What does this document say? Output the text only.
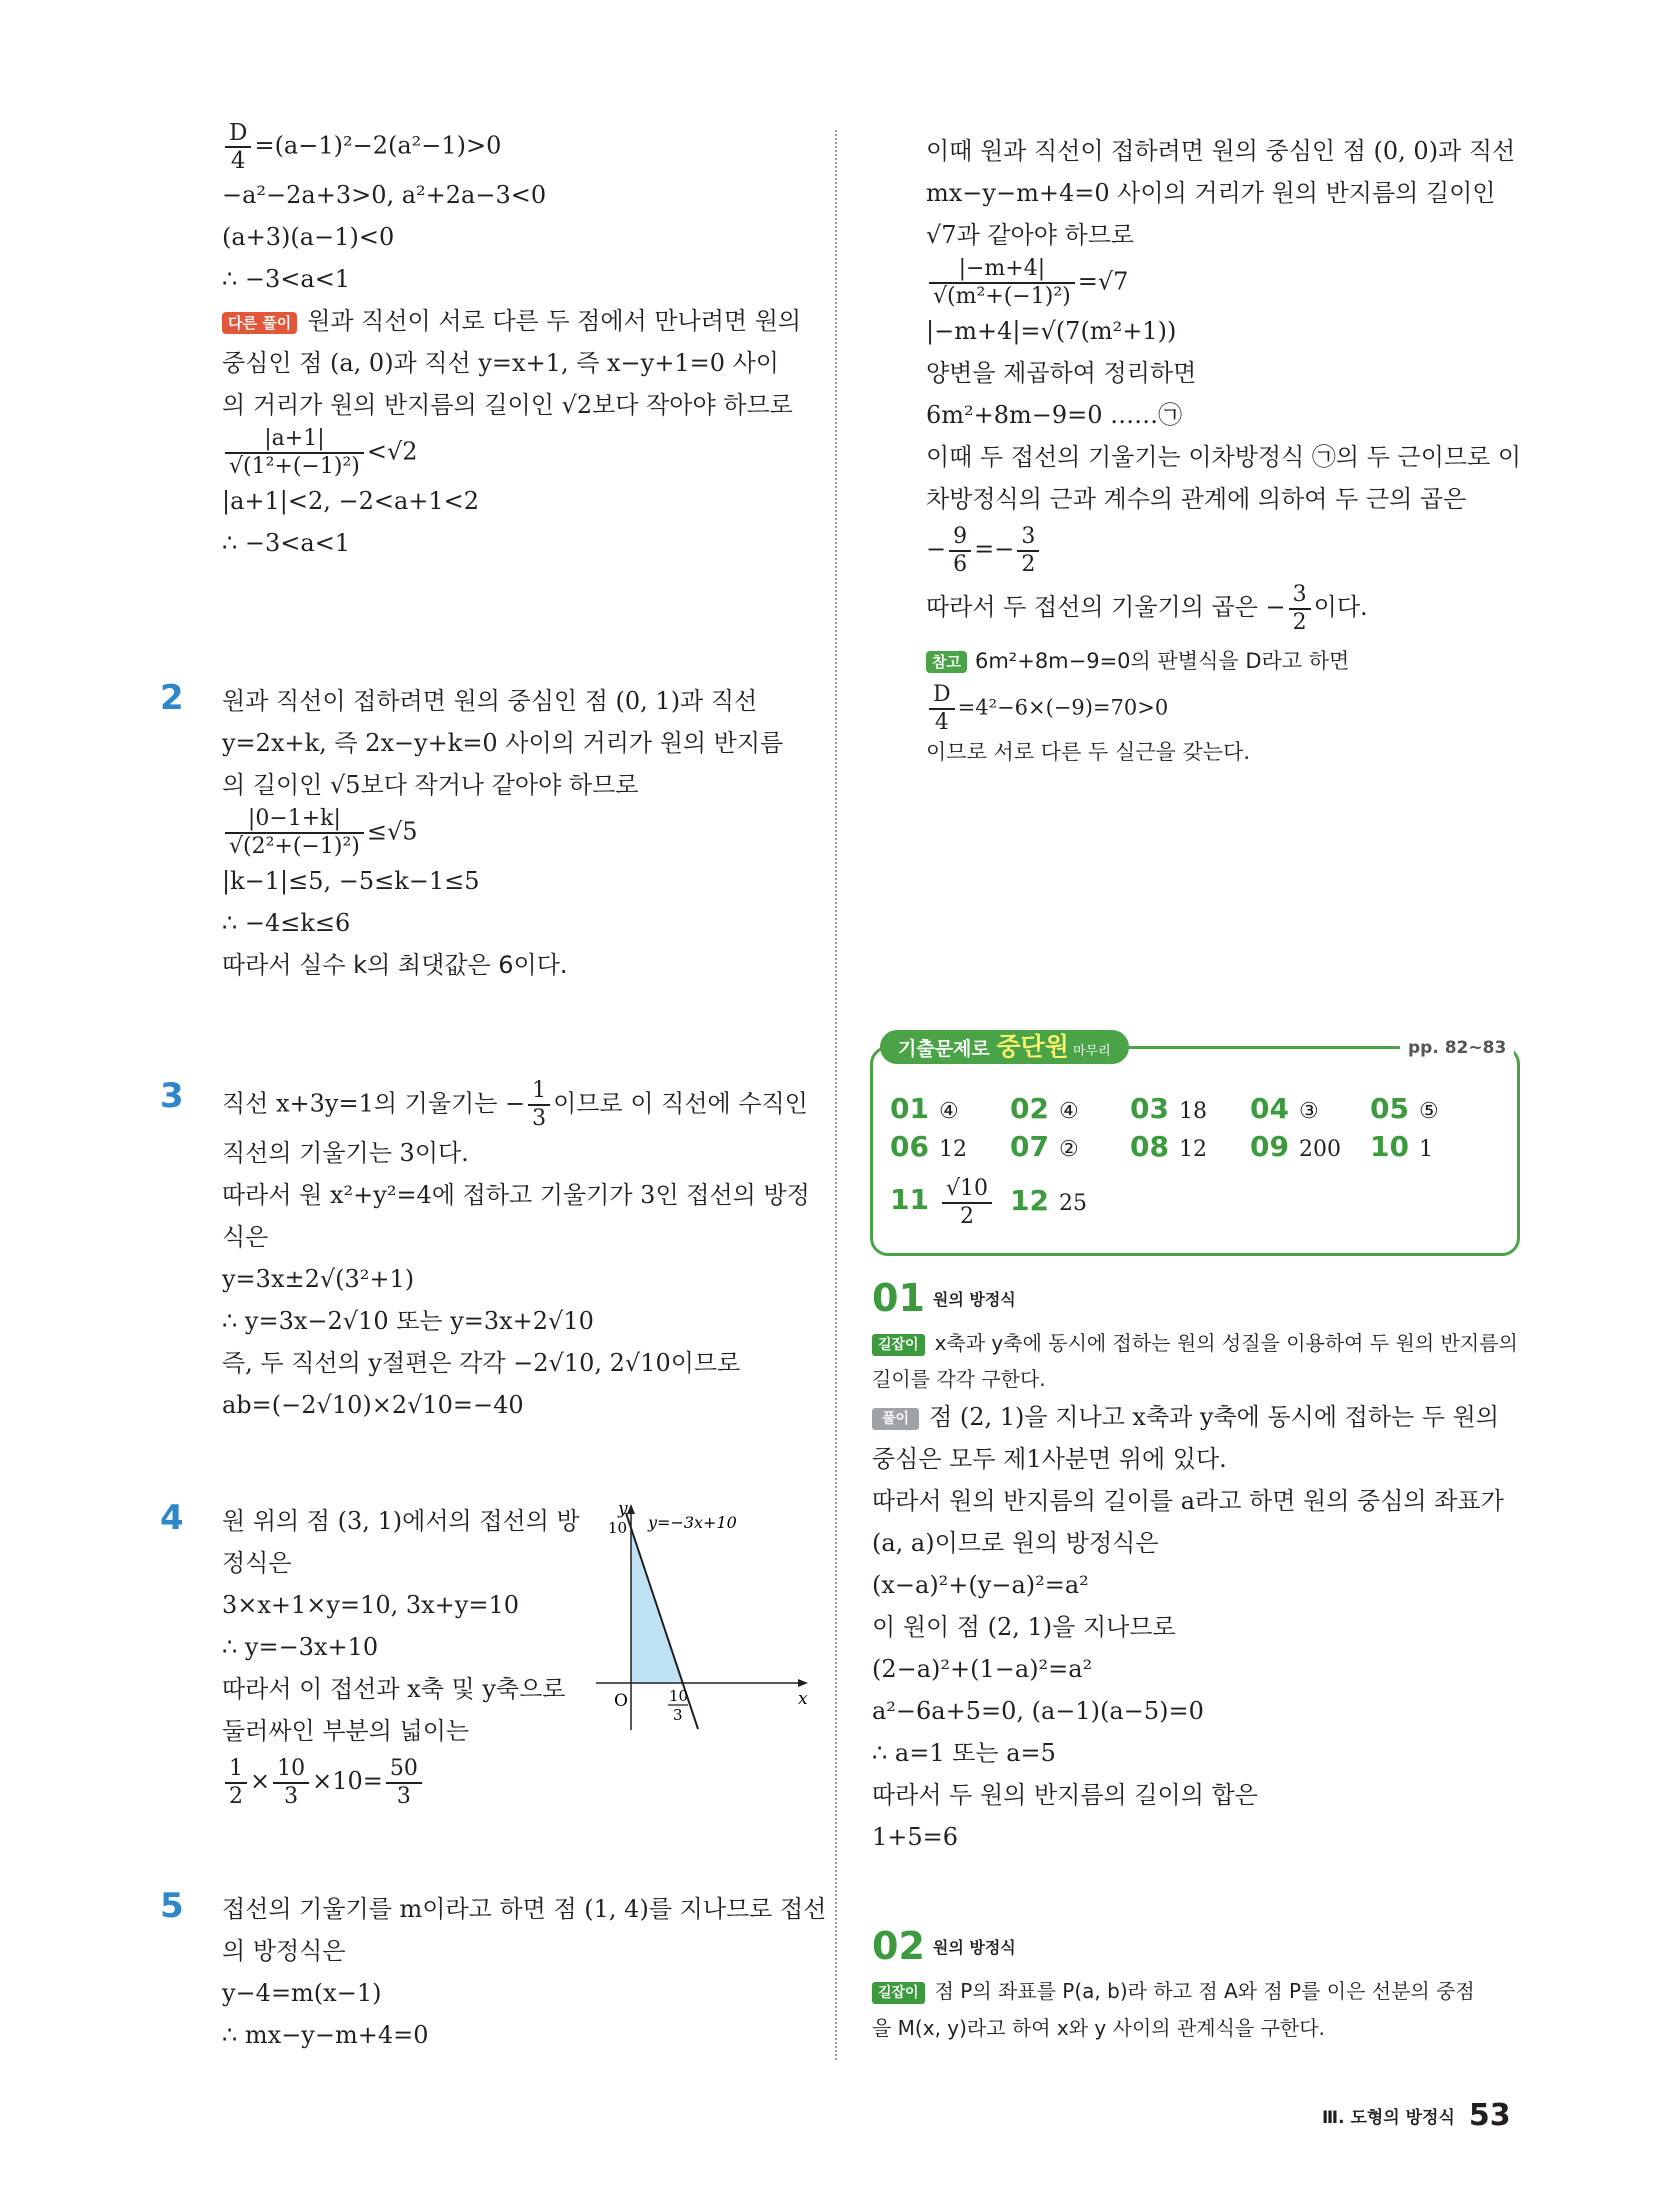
$\frac{D}{4} =(a-1)^2-2(a^2-1)>0$
−a²−2a+3>0, a²+2a−3<0
(a+3)(a−1)<0
∴ −3<a<1
다른 풀이 원과 직선이 서로 다른 두 점에서 만나려면 원의
중심인 점 (a, 0)과 직선 y=x+1, 즉 x−y+1=0 사이
의 거리가 원의 반지름의 길이인 √2보다 작아야 하므로
$\frac{|a+1|}{\text{√(1²+(−1)²)}} <√2$
|a+1|<2, −2<a+1<2
∴ −3<a<1
2 원과 직선이 접하려면 원의 중심인 점 (0, 1)과 직선
y=2x+k, 즉 2x−y+k=0 사이의 거리가 원의 반지름
의 길이인 √5보다 작거나 같아야 하므로
$\frac{|0-1+k|}{\text{√(2²+(−1)²)}} \le√5$
|k−1|≤5, −5≤k−1≤5
∴ −4≤k≤6
따라서 실수 k의 최댓값은 6이다.
3 직선 x+3y=1의 기울기는 − $\frac{1}{3}$ 이므로 이 직선에 수직인
직선의 기울기는 3이다.
따라서 원 x²+y²=4에 접하고 기울기가 3인 접선의 방정
식은
y=3x±2√(3²+1)
∴ y=3x−2√10 또는 y=3x+2√10
즉, 두 직선의 y절편은 각각 −2√10, 2√10이므로
ab=(−2√10)×2√10=−40
4 원 위의 점 (3, 1)에서의 접선의 방
정식은
3×x+1×y=10, 3x+y=10
∴ y=−3x+10
따라서 이 접선과 x축 및 y축으로
둘러싸인 부분의 넓이는
$\frac{1}{2} \times \frac{10}{3} \times 10= \frac{50}{3}$
y
x
O
10
10
3
y=−3x+10
5 접선의 기울기를 m이라고 하면 점 (1, 4)를 지나므로 접선
의 방정식은
y−4=m(x−1)
∴ mx−y−m+4=0
이때 원과 직선이 접하려면 원의 중심인 점 (0, 0)과 직선
mx−y−m+4=0 사이의 거리가 원의 반지름의 길이인
√7과 같아야 하므로
$\frac{|-m+4|}{\text{√(m²+(−1)²)}} =√7$
|−m+4|=√(7(m²+1))
양변을 제곱하여 정리하면
6m²+8m−9=0 ……㉠
이때 두 접선의 기울기는 이차방정식 ㉠의 두 근이므로 이
차방정식의 근과 계수의 관계에 의하여 두 근의 곱은
− $\frac{9}{6} =- \frac{3}{2}$
따라서 두 접선의 기울기의 곱은 − $\frac{3}{2}$ 이다.
참고 6m²+8m−9=0의 판별식을 D라고 하면
$\frac{D}{4} =4^2-6\times(-9)=70>0$
이므로 서로 다른 두 실근을 갖는다.
기출문제로 중단원 마무리	pp. 82~83
01 ④ 02 ④ 03 18 04 ③ 05 ⑤
06 12 07 ② 08 12 09 200 10 1
$11 \frac{√10}{2} 12$ 25
01 원의 방정식
길잡이 x축과 y축에 동시에 접하는 원의 성질을 이용하여 두 원의 반지름의
길이를 각각 구한다.
풀이 점 (2, 1)을 지나고 x축과 y축에 동시에 접하는 두 원의
중심은 모두 제1사분면 위에 있다.
따라서 원의 반지름의 길이를 a라고 하면 원의 중심의 좌표가
(a, a)이므로 원의 방정식은
(x−a)²+(y−a)²=a²
이 원이 점 (2, 1)을 지나므로
(2−a)²+(1−a)²=a²
a²−6a+5=0, (a−1)(a−5)=0
∴ a=1 또는 a=5
따라서 두 원의 반지름의 길이의 합은
1+5=6
02 원의 방정식
길잡이 점 P의 좌표를 P(a, b)라 하고 점 A와 점 P를 이은 선분의 중점
을 M(x, y)라고 하여 x와 y 사이의 관계식을 구한다.
Ⅲ. 도형의 방정식 53
